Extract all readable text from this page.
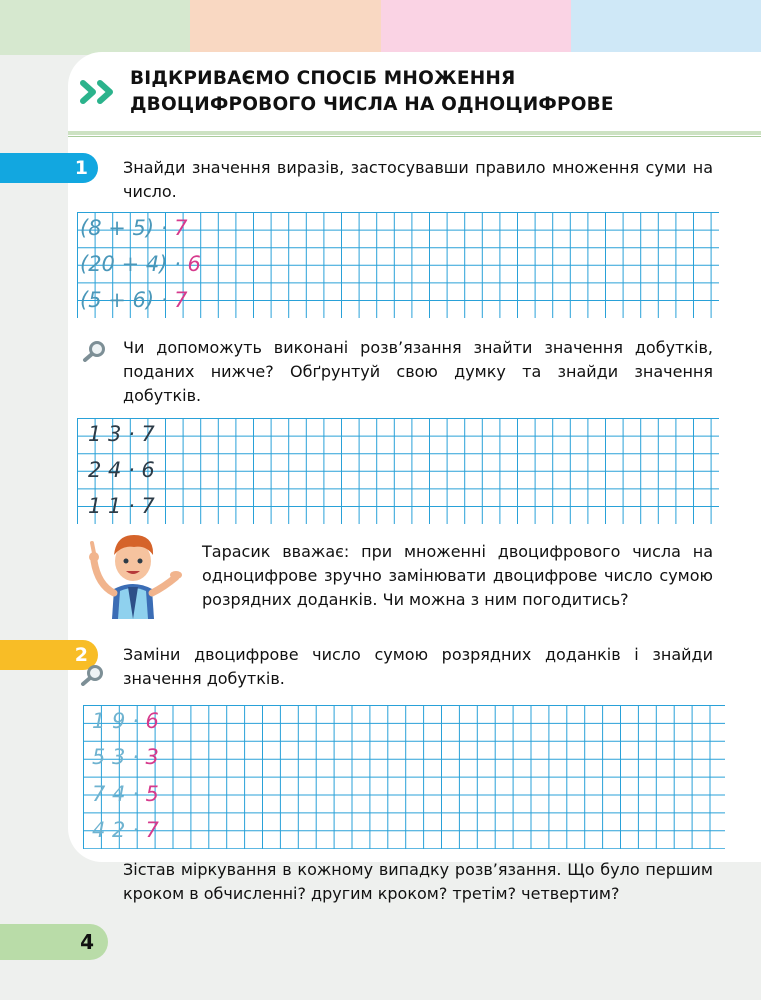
ВІДКРИВАЄМО СПОСІБ МНОЖЕННЯ
ДВОЦИФРОВОГО ЧИСЛА НА ОДНОЦИФРОВЕ
1	Знайди значення виразів, застосувавши правило множення суми на число.

(8 + 5) · 7
(20 + 4) · 6
(5 + 6) · 7

Чи допоможуть виконані розв’язання знайти значення добутків, поданих нижче? Обґрунтуй свою думку та знайди значення добутків.

1 3 · 7
2 4 · 6
1 1 · 7

Тарасик вважає: при множенні двоцифрового числа на одноцифрове зручно замінювати двоцифрове число сумою розрядних доданків. Чи можна з ним погодитись?

2	Заміни двоцифрове число сумою розрядних доданків і знайди значення добутків.

1 9 · 6
5 3 · 3
7 4 · 5
4 2 · 7

Зістав міркування в кожному випадку розв’язання. Що було першим кроком в обчисленні? другим кроком? третім? четвертим?

4
